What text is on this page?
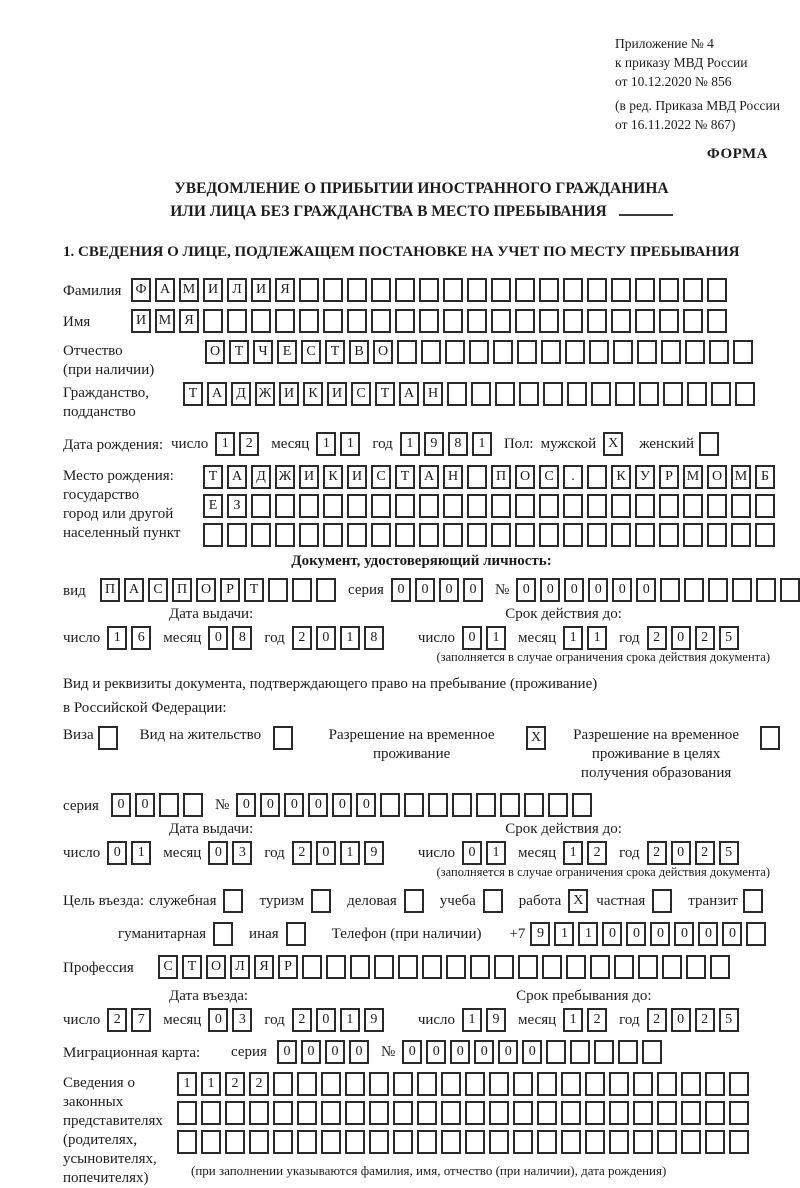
Приложение № 4
к приказу МВД России
от 10.12.2020 № 856
(в ред. Приказа МВД России
от 16.11.2022 № 867)
ФОРМА
УВЕДОМЛЕНИЕ О ПРИБЫТИИ ИНОСТРАННОГО ГРАЖДАНИНА
ИЛИ ЛИЦА БЕЗ ГРАЖДАНСТВА В МЕСТО ПРЕБЫВАНИЯ
1. СВЕДЕНИЯ О ЛИЦЕ, ПОДЛЕЖАЩЕМ ПОСТАНОВКЕ НА УЧЕТ ПО МЕСТУ ПРЕБЫВАНИЯ
Фамилия	Ф А М И	Л	И	Я
Имя	И М Я
Отчество
(при наличии)
О	Т	Ч	Е	С	Т	В	О
Гражданство,
подданство
Т	А	Д Ж И	К	И	С	Т	А Н
Дата рождения: число 1	2	месяц 1	1	год 1	9	8	1	Пол: мужской X	женский
Место рождения:
государство
город или другой
населенный пункт
Т	А	Д Ж И	К	И	С	Т	А Н	П О	С	.	К	У	Р М О М Б
Е	З
Документ, удостоверяющий личность:
вид	П А	С	П О	Р	Т	серия 0	0	0	0	№ 0	0	0	0	0	0
Дата выдачи:	Срок действия до:
число 1	6	месяц 0	8	год 2	0	1	8	число 0	1	месяц 1	1	год 2	0	2	5
(заполняется в случае ограничения срока действия документа)
Вид и реквизиты документа, подтверждающего право на пребывание (проживание)
в Российской Федерации:
Виза	Вид на жительство	Разрешение на временное проживание
X	Разрешение на временное проживание в целях получения образования
серия	0	0	№ 0	0	0	0	0	0
Дата выдачи:	Срок действия до:
число 0	1	месяц 0	3	год 2	0	1	9	число 0	1	месяц 1	2	год 2	0	2	5
(заполняется в случае ограничения срока действия документа)
Цель въезда: служебная	туризм	деловая	учеба	работа X частная	транзит
гуманитарная	иная	Телефон (при наличии) +7 9	1	1	0	0	0	0	0	0
Профессия	С	Т	О	Л	Я	Р
Дата въезда:	Срок пребывания до:
число 2	7	месяц 0	3	год 2	0	1	9	число 1	9	месяц 1	2	год 2	0	2	5
Миграционная карта:	серия	0	0	0	0	№ 0	0	0	0	0	0
Сведения о
законных
представителях
(родителях,
усыновителях,
попечителях)
1	1	2	2
(при заполнении указываются фамилия, имя, отчество (при наличии), дата рождения)
